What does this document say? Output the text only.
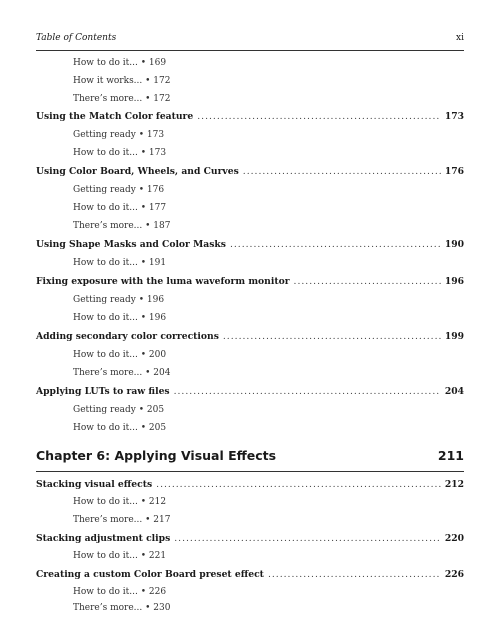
Table of Contents	xi
How to do it... • 169
How it works... • 172
There’s more... • 172
Using the Match Color feature .....	173
Getting ready • 173
How to do it... • 173
Using Color Board, Wheels, and Curves .....	176
Getting ready • 176
How to do it... • 177
There’s more... • 187
Using Shape Masks and Color Masks .....	190
How to do it... • 191
Fixing exposure with the luma waveform monitor .....	196
Getting ready • 196
How to do it... • 196
Adding secondary color corrections .....	199
How to do it... • 200
There’s more... • 204
Applying LUTs to raw files .....	204
Getting ready • 205
How to do it... • 205
Chapter 6: Applying Visual Effects	211
Stacking visual effects .....	212
How to do it... • 212
There’s more... • 217
Stacking adjustment clips .....	220
How to do it... • 221
Creating a custom Color Board preset effect .....	226
How to do it... • 226
There’s more... • 230
